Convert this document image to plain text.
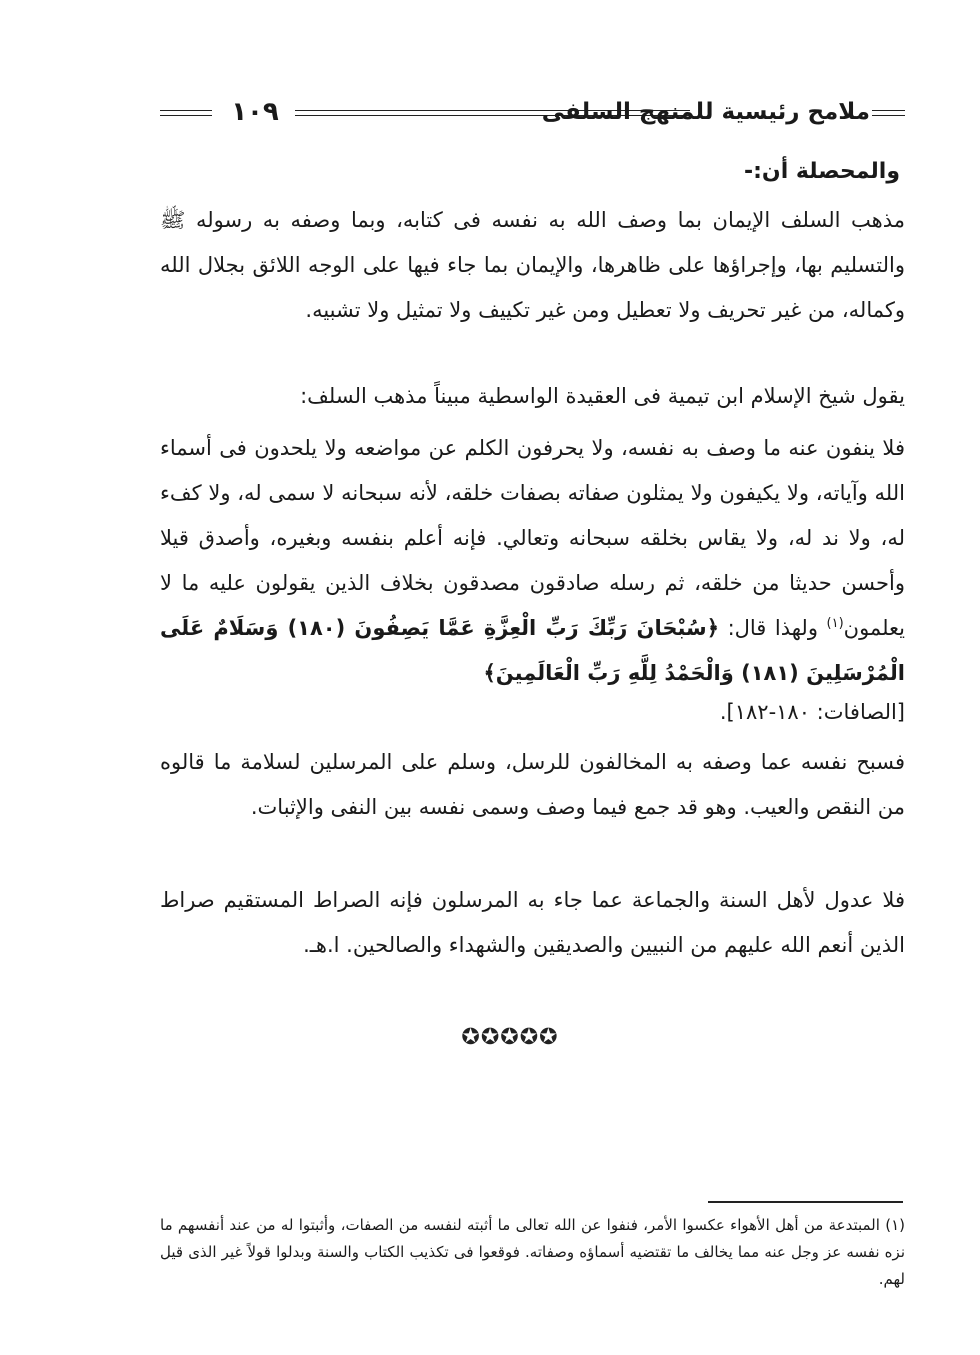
١٠٩	ملامح رئيسية للمنهج السلفى
والمحصلة أن:-
مذهب السلف الإيمان بما وصف الله به نفسه فى كتابه، وبما وصفه به رسوله ﷺ والتسليم بها، وإجراؤها على ظاهرها، والإيمان بما جاء فيها على الوجه اللائق بجلال الله وكماله، من غير تحريف ولا تعطيل ومن غير تكييف ولا تمثيل ولا تشبيه.
يقول شيخ الإسلام ابن تيمية فى العقيدة الواسطية مبيناً مذهب السلف:
فلا ينفون عنه ما وصف به نفسه، ولا يحرفون الكلم عن مواضعه ولا يلحدون فى أسماء الله وآياته، ولا يكيفون ولا يمثلون صفاته بصفات خلقه، لأنه سبحانه لا سمى له، ولا كفء له، ولا ند له، ولا يقاس بخلقه سبحانه وتعالي. فإنه أعلم بنفسه وبغيره، وأصدق قيلا وأحسن حديثا من خلقه، ثم رسله صادقون مصدقون بخلاف الذين يقولون عليه ما لا يعلمون$^{(١)}$ ولهذا قال: ﴿سُبْحَانَ رَبِّكَ رَبِّ الْعِزَّةِ عَمَّا يَصِفُونَ (١٨٠) وَسَلَامٌ عَلَى الْمُرْسَلِينَ (١٨١) وَالْحَمْدُ لِلَّهِ رَبِّ الْعَالَمِينَ﴾
[الصافات: ١٨٠-١٨٢].
فسبح نفسه عما وصفه به المخالفون للرسل، وسلم على المرسلين لسلامة ما قالوه من النقص والعيب. وهو قد جمع فيما وصف وسمى نفسه بين النفى والإثبات.
فلا عدول لأهل السنة والجماعة عما جاء به المرسلون فإنه الصراط المستقيم صراط الذين أنعم الله عليهم من النبيين والصديقين والشهداء والصالحين. ا.هـ.
✪✪✪✪✪
(١) المبتدعة من أهل الأهواء عكسوا الأمر، فنفوا عن الله تعالى ما أثبته لنفسه من الصفات، وأثبتوا له من عند أنفسهم ما نزه نفسه عز وجل عنه مما يخالف ما تقتضيه أسماؤه وصفاته. فوقعوا فى تكذيب الكتاب والسنة وبدلوا قولاً غير الذى قيل لهم.
